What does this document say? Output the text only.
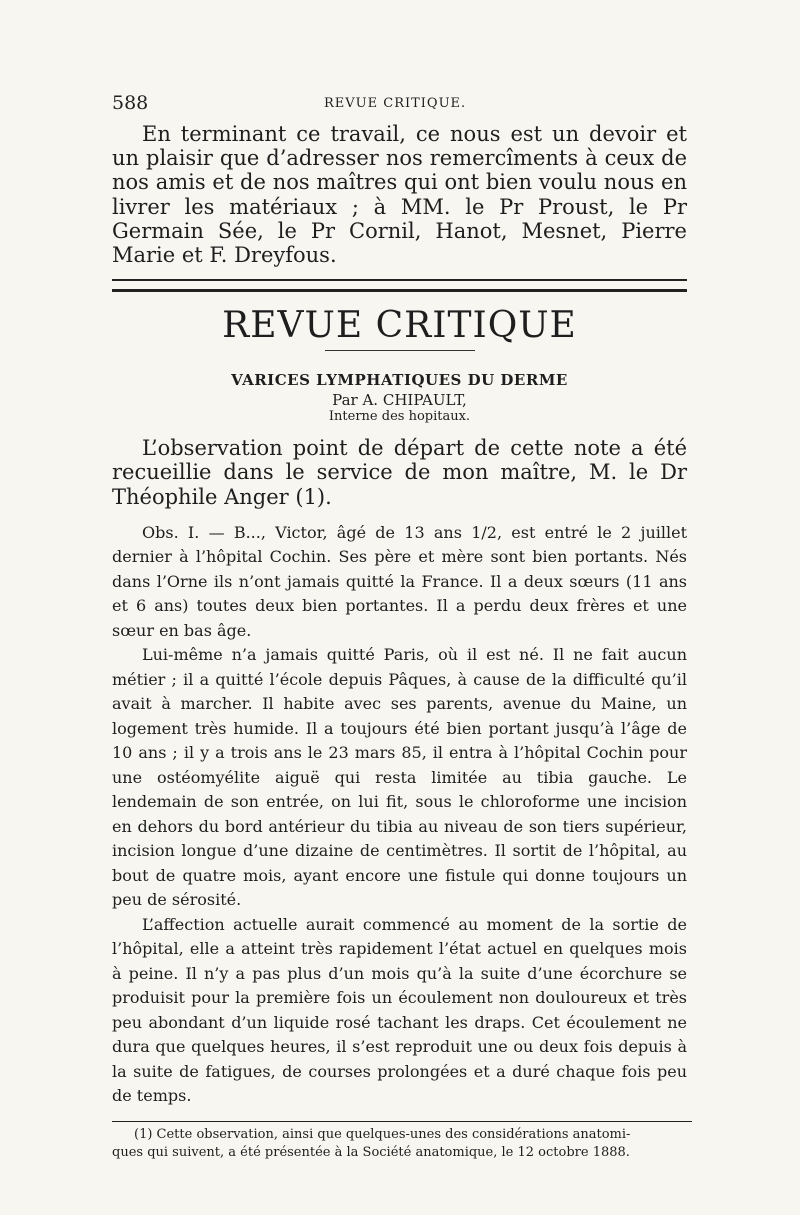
588	REVUE CRITIQUE.

En terminant ce travail, ce nous est un devoir et un plaisir que d’adresser nos remercîments à ceux de nos amis et de nos maîtres qui ont bien voulu nous en livrer les matériaux ; à MM. le Pr Proust, le Pr Germain Sée, le Pr Cornil, Hanot, Mesnet, Pierre Marie et F. Dreyfous.

REVUE CRITIQUE
VARICES LYMPHATIQUES DU DERME
Par A. CHIPAULT,
Interne des hopitaux.

L’observation point de départ de cette note a été recueillie dans le service de mon maître, M. le Dr Théophile Anger (1).

Obs. I. — B..., Victor, âgé de 13 ans 1/2, est entré le 2 juillet dernier à l’hôpital Cochin. Ses père et mère sont bien portants. Nés dans l’Orne ils n’ont jamais quitté la France. Il a deux sœurs (11 ans et 6 ans) toutes deux bien portantes. Il a perdu deux frères et une sœur en bas âge.

Lui-même n’a jamais quitté Paris, où il est né. Il ne fait aucun métier ; il a quitté l’école depuis Pâques, à cause de la difficulté qu’il avait à marcher. Il habite avec ses parents, avenue du Maine, un logement très humide. Il a toujours été bien portant jusqu’à l’âge de 10 ans ; il y a trois ans le 23 mars 85, il entra à l’hôpital Cochin pour une ostéomyélite aiguë qui resta limitée au tibia gauche. Le lendemain de son entrée, on lui fit, sous le chloroforme une incision en dehors du bord antérieur du tibia au niveau de son tiers supérieur, incision longue d’une dizaine de centimètres. Il sortit de l’hôpital, au bout de quatre mois, ayant encore une fistule qui donne toujours un peu de sérosité.

L’affection actuelle aurait commencé au moment de la sortie de l’hôpital, elle a atteint très rapidement l’état actuel en quelques mois à peine. Il n’y a pas plus d’un mois qu’à la suite d’une écorchure se produisit pour la première fois un écoulement non douloureux et très peu abondant d’un liquide rosé tachant les draps. Cet écoulement ne dura que quelques heures, il s’est reproduit une ou deux fois depuis à la suite de fatigues, de courses prolongées et a duré chaque fois peu de temps.

(1) Cette observation, ainsi que quelques-unes des considérations anatomi-
ques qui suivent, a été présentée à la Société anatomique, le 12 octobre 1888.
